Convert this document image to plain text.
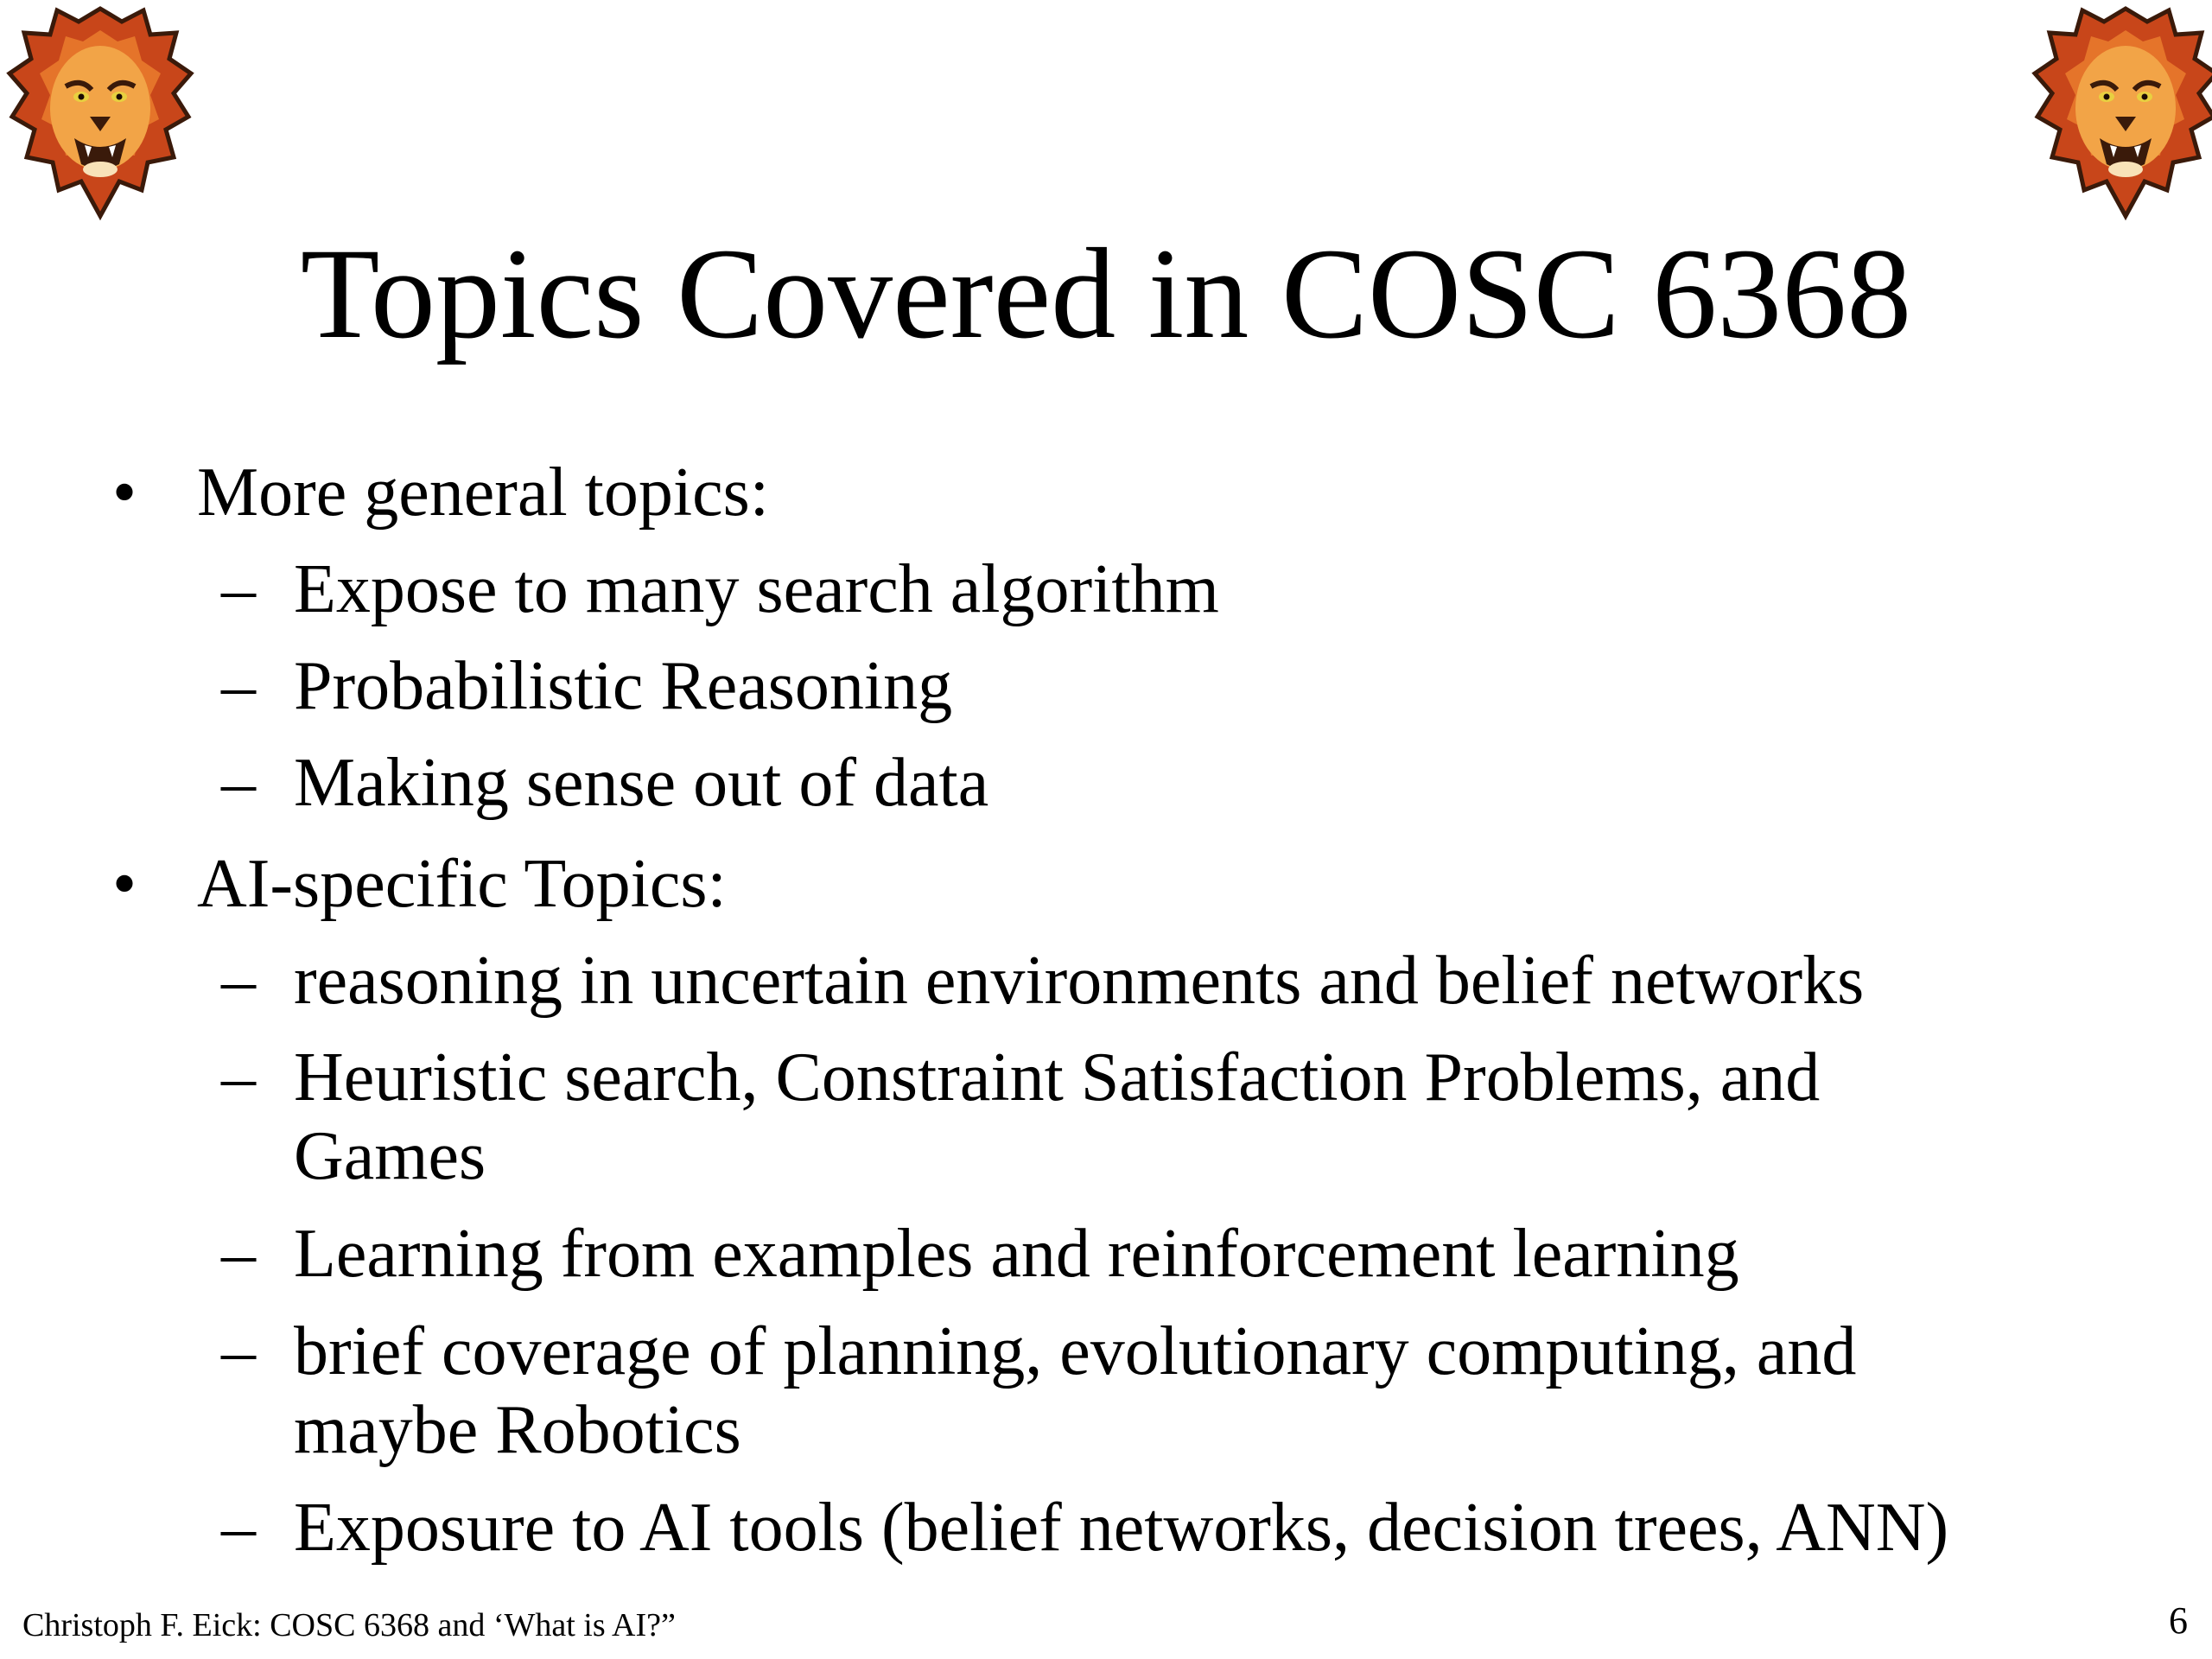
Topics Covered in COSC 6368
• More general topics:
– Expose to many search algorithm
– Probabilistic Reasoning
– Making sense out of data
• AI-specific Topics:
– reasoning in uncertain environments and belief networks
– Heuristic search, Constraint Satisfaction Problems, and
Games
– Learning from examples and reinforcement learning
– brief coverage of planning, evolutionary computing, and
maybe Robotics
– Exposure to AI tools (belief networks, decision trees, ANN)
Christoph F. Eick: COSC 6368 and ‘What is AI?”	6
